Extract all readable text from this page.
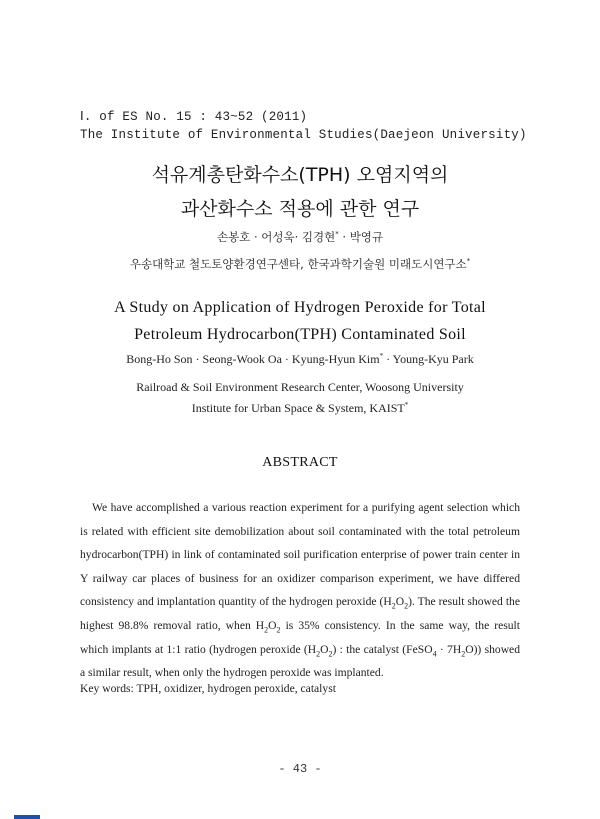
Ⅰ. of ES No. 15 : 43~52 (2011)
The Institute of Environmental Studies(Daejeon University)
석유계총탄화수소(TPH) 오염지역의
과산화수소 적용에 관한 연구
손봉호 · 어성욱· 김경현* · 박영규
우송대학교 철도토양환경연구센타, 한국과학기술원 미래도시연구소*
A Study on Application of Hydrogen Peroxide for Total
Petroleum Hydrocarbon(TPH) Contaminated Soil
Bong-Ho Son · Seong-Wook Oa · Kyung-Hyun Kim* · Young-Kyu Park
Railroad & Soil Environment Research Center, Woosong University
Institute for Urban Space & System, KAIST*
ABSTRACT
We have accomplished a various reaction experiment for a purifying agent selection which is related with efficient site demobilization about soil contaminated with the total petroleum hydrocarbon(TPH) in link of contaminated soil purification enterprise of power train center in Y railway car places of business for an oxidizer comparison experiment, we have differed consistency and implantation quantity of the hydrogen peroxide $(H_2O_2)$. The result showed the highest 98.8% removal ratio, when $H_2O_2$ is 35% consistency. In the same way, the result which implants at 1:1 ratio (hydrogen peroxide $(H_2O_2)$ : the catalyst (FeSO$_4$ · $7H_2O$)) showed a similar result, when only the hydrogen peroxide was implanted.
Key words: TPH, oxidizer, hydrogen peroxide, catalyst
- 43 -
